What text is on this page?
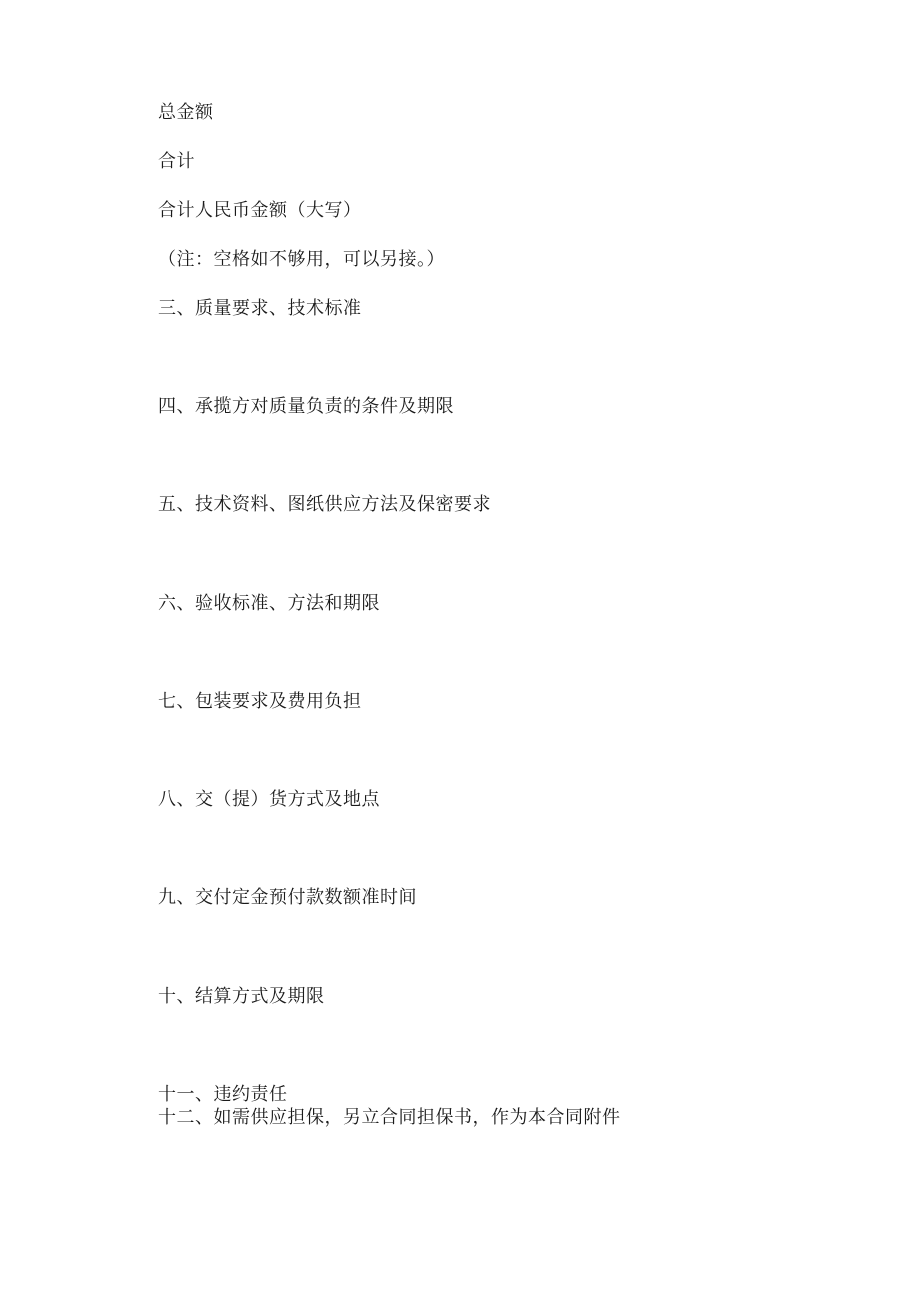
总金额
合计
合计人民币金额（大写）
（注：空格如不够用，可以另接。）
三、质量要求、技术标准
四、承揽方对质量负责的条件及期限
五、技术资料、图纸供应方法及保密要求
六、验收标准、方法和期限
七、包装要求及费用负担
八、交（提）货方式及地点
九、交付定金预付款数额准时间
十、结算方式及期限
十一、违约责任
十二、如需供应担保，另立合同担保书，作为本合同附件
